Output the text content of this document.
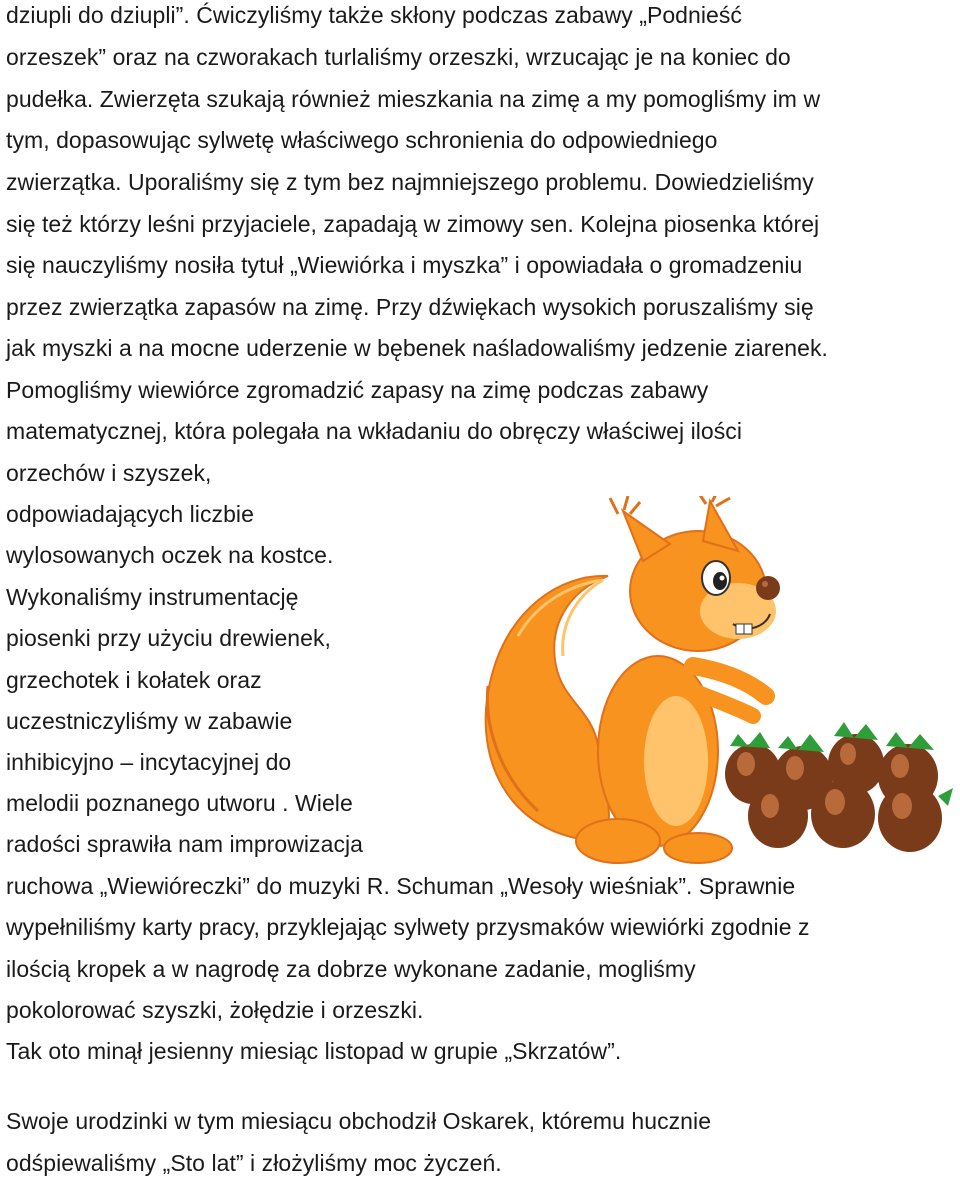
dziupli do dziupli”. Ćwiczyliśmy także skłony podczas zabawy „Podnieść
orzeszek” oraz na czworakach turlaliśmy orzeszki, wrzucając je na koniec do
pudełka. Zwierzęta szukają również mieszkania na zimę a my pomogliśmy im w
tym, dopasowując sylwetę właściwego schronienia do odpowiedniego
zwierzątka. Uporaliśmy się z tym bez najmniejszego problemu. Dowiedzieliśmy
się też którzy leśni przyjaciele, zapadają w zimowy sen. Kolejna piosenka której
się nauczyliśmy nosiła tytuł „Wiewiórka i myszka” i opowiadała o gromadzeniu
przez zwierzątka zapasów na zimę. Przy dźwiękach wysokich poruszaliśmy się
jak myszki a na mocne uderzenie w bębenek naśladowaliśmy jedzenie ziarenek.
Pomogliśmy wiewiórce zgromadzić zapasy na zimę podczas zabawy
matematycznej, która polegała na wkładaniu do obręczy właściwej ilości
orzechów i szyszek,
odpowiadających liczbie
wylosowanych oczek na kostce.
Wykonaliśmy instrumentację
piosenki przy użyciu drewienek,
grzechotek i kołatek oraz
uczestniczyliśmy w zabawie
inhibicyjno – incytacyjnej do
melodii poznanego utworu . Wiele
radości sprawiła nam improwizacja
ruchowa „Wiewióreczki” do muzyki R. Schuman „Wesoły wieśniak”. Sprawnie
wypełniliśmy karty pracy, przyklejając sylwety przysmaków wiewiórki zgodnie z
ilością kropek a w nagrodę za dobrze wykonane zadanie, mogliśmy
pokolorować szyszki, żołędzie i orzeszki.
Tak oto minął jesienny miesiąc listopad w grupie „Skrzatów”.
Swoje urodzinki w tym miesiącu obchodził Oskarek, któremu hucznie
odśpiewaliśmy „Sto lat” i złożyliśmy moc życzeń.
